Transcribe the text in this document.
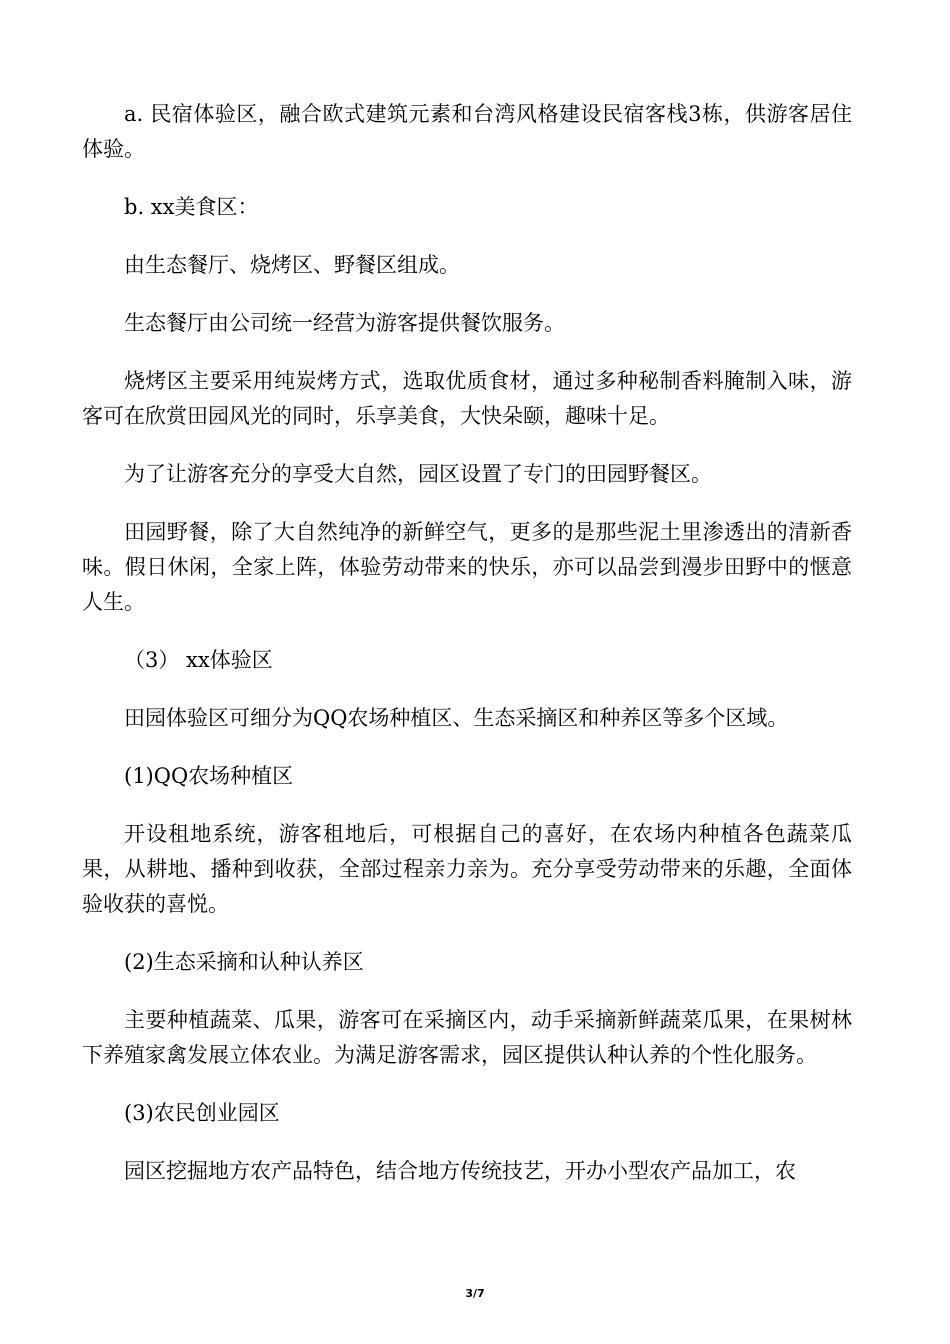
a. 民宿体验区，融合欧式建筑元素和台湾风格建设民宿客栈3栋，供游客居住体验。

b. xx美食区：

由生态餐厅、烧烤区、野餐区组成。

生态餐厅由公司统一经营为游客提供餐饮服务。

烧烤区主要采用纯炭烤方式，选取优质食材，通过多种秘制香料腌制入味，游客可在欣赏田园风光的同时，乐享美食，大快朵颐，趣味十足。

为了让游客充分的享受大自然，园区设置了专门的田园野餐区。

田园野餐，除了大自然纯净的新鲜空气，更多的是那些泥土里渗透出的清新香味。假日休闲，全家上阵，体验劳动带来的快乐，亦可以品尝到漫步田野中的惬意人生。

（3） xx体验区

田园体验区可细分为QQ农场种植区、生态采摘区和种养区等多个区域。

(1)QQ农场种植区

开设租地系统，游客租地后，可根据自己的喜好，在农场内种植各色蔬菜瓜果，从耕地、播种到收获，全部过程亲力亲为。充分享受劳动带来的乐趣，全面体验收获的喜悦。

(2)生态采摘和认种认养区

主要种植蔬菜、瓜果，游客可在采摘区内，动手采摘新鲜蔬菜瓜果，在果树林下养殖家禽发展立体农业。为满足游客需求，园区提供认种认养的个性化服务。

(3)农民创业园区

园区挖掘地方农产品特色，结合地方传统技艺，开办小型农产品加工，农

3/7
